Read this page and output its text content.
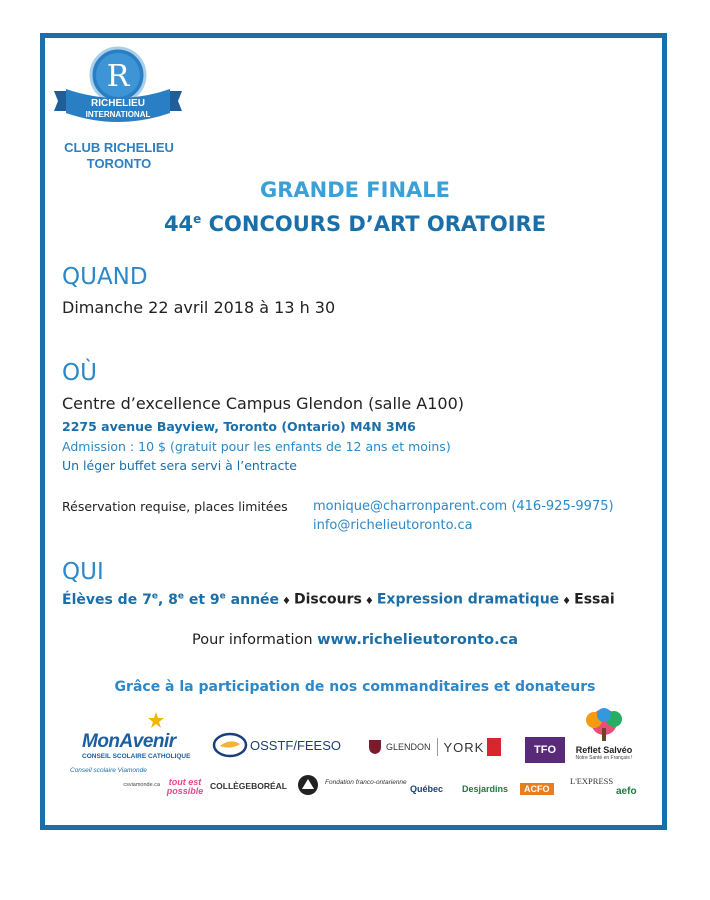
R
RICHELIEU
INTERNATIONAL
CLUB RICHELIEU
TORONTO
GRANDE FINALE
44e CONCOURS D’ART ORATOIRE
QUAND
Dimanche 22 avril 2018 à 13 h 30
OÙ
Centre d’excellence Campus Glendon (salle A100)
2275 avenue Bayview, Toronto (Ontario) M4N 3M6
Admission : 10 $ (gratuit pour les enfants de 12 ans et moins)
Un léger buffet sera servi à l’entracte
Réservation requise, places limitées monique@charronparent.com (416-925-9975)
info@richelieutoronto.ca
QUI
Élèves de 7e, 8e et 9e année ♦ Discours ♦ Expression dramatique ♦ Essai
Pour information www.richelieutoronto.ca
Grâce à la participation de nos commanditaires et donateurs
MonAvenir
CONSEIL SCOLAIRE CATHOLIQUE
OSSTF/FEESO	GLENDON YORK	TFO	Reflet Salvéo
Notre Santé en Français !
Conseil scolaire Viamonde
csviamonde.ca tout est possible COLLÈGEBORÉAL	Fondation franco-ontarienne
Québec Desjardins	ACFO
L'EXPRESS
aefo
